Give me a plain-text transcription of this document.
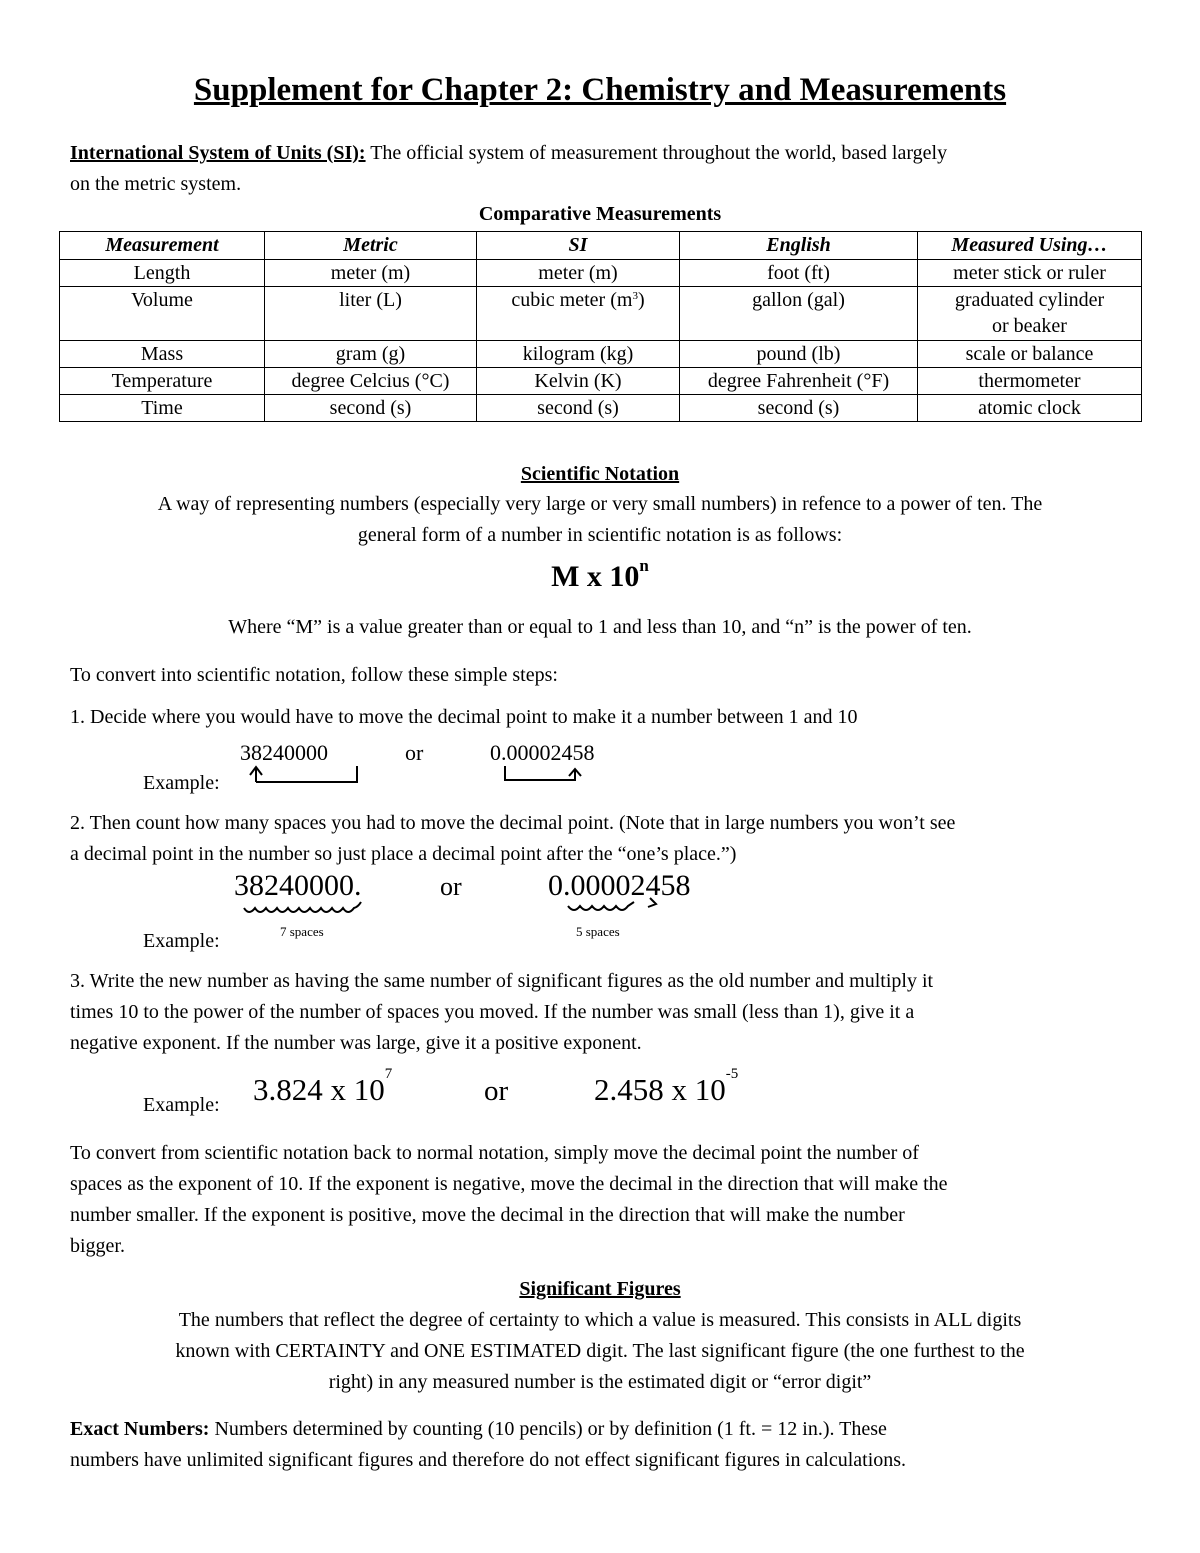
Supplement for Chapter 2: Chemistry and Measurements
International System of Units (SI): The official system of measurement throughout the world, based largely
on the metric system.
Comparative Measurements
Measurement	Metric	SI	English	Measured Using…
Length	meter (m)	meter (m)	foot (ft)	meter stick or ruler
Volume	liter (L)	cubic meter $(m^3)$	gallon (gal)	graduated cylinder
or beaker
Mass	gram (g)	kilogram (kg)	pound (lb)	scale or balance
Temperature	degree Celcius (°C)	Kelvin (K)	degree Fahrenheit (°F)	thermometer
Time	second (s)	second (s)	second (s)	atomic clock
Scientific Notation
A way of representing numbers (especially very large or very small numbers) in refence to a power of ten. The
general form of a number in scientific notation is as follows:
M x 10$^n$
Where “M” is a value greater than or equal to 1 and less than 10, and “n” is the power of ten.
To convert into scientific notation, follow these simple steps:
1. Decide where you would have to move the decimal point to make it a number between 1 and 10
38240000	or	0.00002458
Example:
2. Then count how many spaces you had to move the decimal point. (Note that in large numbers you won’t see
a decimal point in the number so just place a decimal point after the “one’s place.”)
38240000.	or	0.00002458
7 spaces	5 spaces
Example:
3. Write the new number as having the same number of significant figures as the old number and multiply it
times 10 to the power of the number of spaces you moved. If the number was small (less than 1), give it a
negative exponent. If the number was large, give it a positive exponent.
Example: 3.824 x $10^7$
or	2.458 x $10^{-5}$
To convert from scientific notation back to normal notation, simply move the decimal point the number of
spaces as the exponent of 10. If the exponent is negative, move the decimal in the direction that will make the
number smaller. If the exponent is positive, move the decimal in the direction that will make the number
bigger.
Significant Figures
The numbers that reflect the degree of certainty to which a value is measured. This consists in ALL digits
known with CERTAINTY and ONE ESTIMATED digit. The last significant figure (the one furthest to the
right) in any measured number is the estimated digit or “error digit”
Exact Numbers: Numbers determined by counting (10 pencils) or by definition (1 ft. = 12 in.). These
numbers have unlimited significant figures and therefore do not effect significant figures in calculations.
